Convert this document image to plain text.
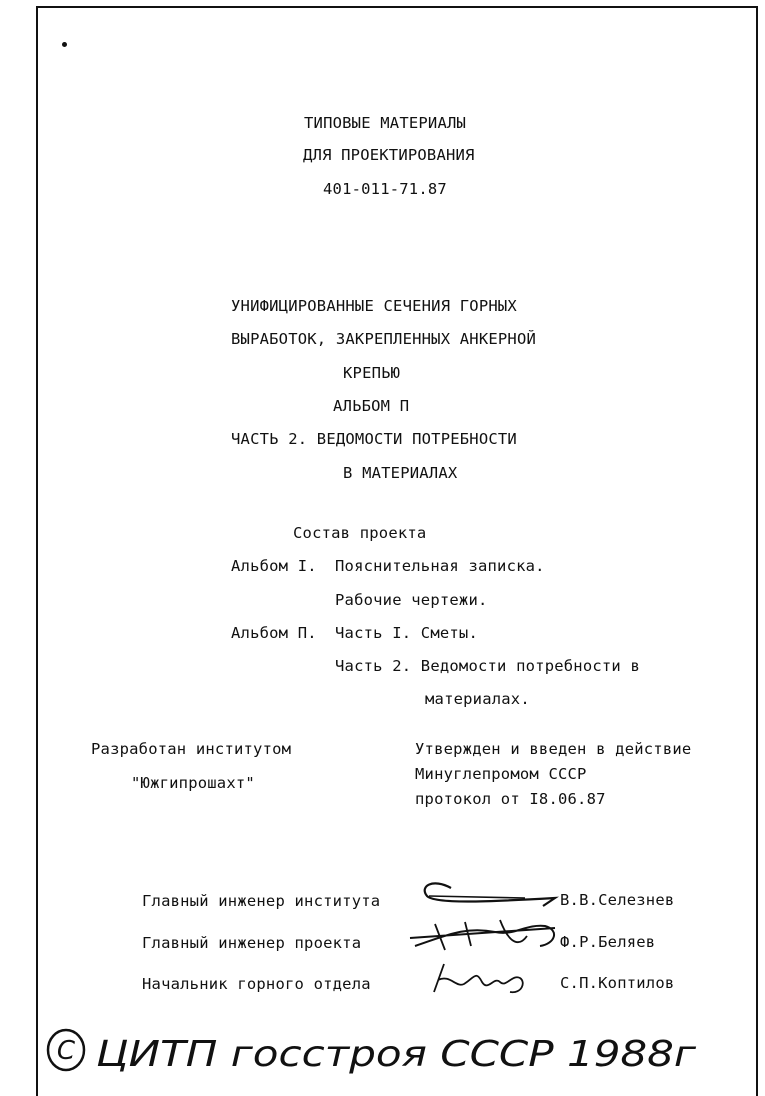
ТИПОВЫЕ МАТЕРИАЛЫ
ДЛЯ ПРОЕКТИРОВАНИЯ
401-011-71.87
УНИФИЦИРОВАННЫЕ СЕЧЕНИЯ ГОРНЫХ
ВЫРАБОТОК, ЗАКРЕПЛЕННЫХ АНКЕРНОЙ
КРЕПЬЮ
АЛЬБОМ П
ЧАСТЬ 2. ВЕДОМОСТИ ПОТРЕБНОСТИ
В МАТЕРИАЛАХ
Состав проекта
Альбом I. Пояснительная записка.
Рабочие чертежи.
Альбом П. Часть I. Сметы.
Часть 2. Ведомости потребности в
материалах.
Разработан институтом
"Южгипрошахт"
Утвержден и введен в действие
Минуглепромом СССР
протокол от I8.06.87
Главный инженер института	В.В.Селезнев
Главный инженер проекта	Ф.Р.Беляев
Начальник горного отдела	С.П.Коптилов
С ЦИТП госстроя СССР 1988г
